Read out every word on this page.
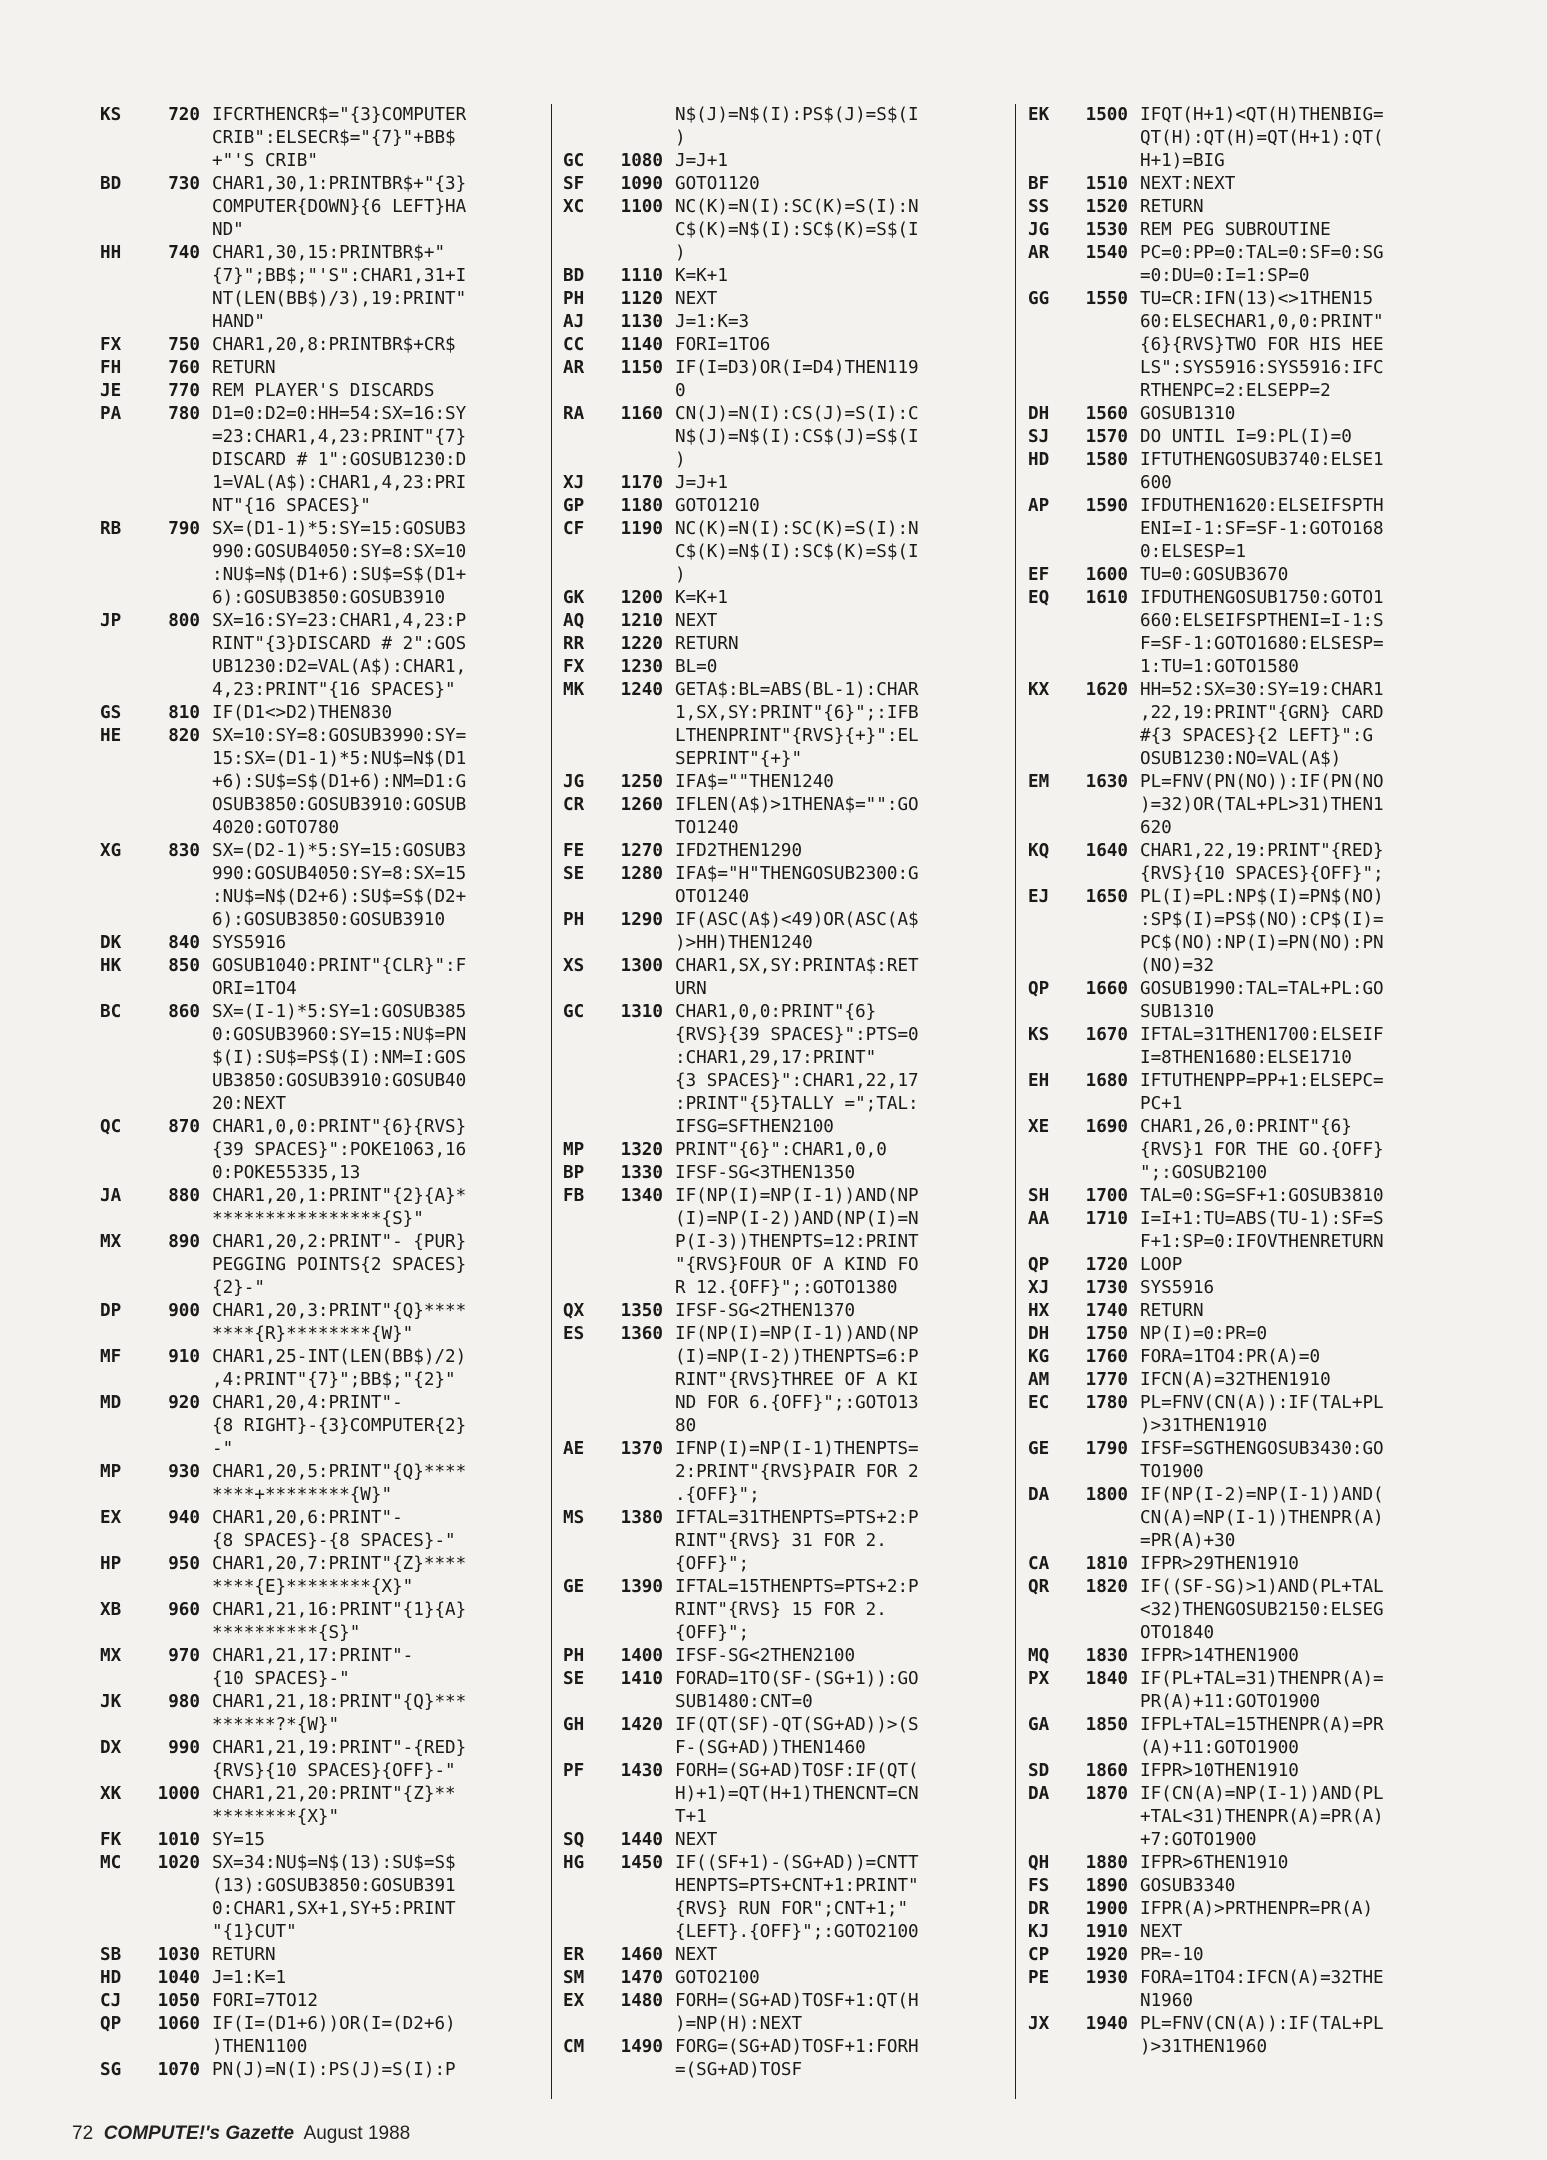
KS	720 IFCRTHENCR$="{3}COMPUTER
CRIB":ELSECR$="{7}"+BB$
+"'S CRIB"
BD	730 CHAR1,30,1:PRINTBR$+"{3}
COMPUTER{DOWN}{6 LEFT}HA
ND"
HH	740 CHAR1,30,15:PRINTBR$+"
{7}";BB$;"'S":CHAR1,31+I
NT(LEN(BB$)/3),19:PRINT"
HAND"
FX	750 CHAR1,20,8:PRINTBR$+CR$
FH	760 RETURN
JE	770 REM PLAYER'S DISCARDS
PA	780 D1=0:D2=0:HH=54:SX=16:SY
=23:CHAR1,4,23:PRINT"{7}
DISCARD # 1":GOSUB1230:D
1=VAL(A$):CHAR1,4,23:PRI
NT"{16 SPACES}"
RB	790 SX=(D1-1)*5:SY=15:GOSUB3
990:GOSUB4050:SY=8:SX=10
:NU$=N$(D1+6):SU$=S$(D1+
6):GOSUB3850:GOSUB3910
JP	800 SX=16:SY=23:CHAR1,4,23:P
RINT"{3}DISCARD # 2":GOS
UB1230:D2=VAL(A$):CHAR1,
4,23:PRINT"{16 SPACES}"
GS	810 IF(D1<>D2)THEN830
HE	820 SX=10:SY=8:GOSUB3990:SY=
15:SX=(D1-1)*5:NU$=N$(D1
+6):SU$=S$(D1+6):NM=D1:G
OSUB3850:GOSUB3910:GOSUB
4020:GOTO780
XG	830 SX=(D2-1)*5:SY=15:GOSUB3
990:GOSUB4050:SY=8:SX=15
:NU$=N$(D2+6):SU$=S$(D2+
6):GOSUB3850:GOSUB3910
DK	840 SYS5916
HK	850 GOSUB1040:PRINT"{CLR}":F
ORI=1TO4
BC	860 SX=(I-1)*5:SY=1:GOSUB385
0:GOSUB3960:SY=15:NU$=PN
$(I):SU$=PS$(I):NM=I:GOS
UB3850:GOSUB3910:GOSUB40
20:NEXT
QC	870 CHAR1,0,0:PRINT"{6}{RVS}
{39 SPACES}":POKE1063,16
0:POKE55335,13
JA	880 CHAR1,20,1:PRINT"{2}{A}*
****************{S}"
MX	890 CHAR1,20,2:PRINT"- {PUR}
PEGGING POINTS{2 SPACES}
{2}-"
DP	900 CHAR1,20,3:PRINT"{Q}****
****{R}********{W}"
MF	910 CHAR1,25-INT(LEN(BB$)/2)
,4:PRINT"{7}";BB$;"{2}"
MD	920 CHAR1,20,4:PRINT"-
{8 RIGHT}-{3}COMPUTER{2}
-"
MP	930 CHAR1,20,5:PRINT"{Q}****
****+********{W}"
EX	940 CHAR1,20,6:PRINT"-
{8 SPACES}-{8 SPACES}-"
HP	950 CHAR1,20,7:PRINT"{Z}****
****{E}********{X}"
XB	960 CHAR1,21,16:PRINT"{1}{A}
**********{S}"
MX	970 CHAR1,21,17:PRINT"-
{10 SPACES}-"
JK	980 CHAR1,21,18:PRINT"{Q}***
******?*{W}"
DX	990 CHAR1,21,19:PRINT"-{RED}
{RVS}{10 SPACES}{OFF}-"
XK	1000 CHAR1,21,20:PRINT"{Z}**
********{X}"
FK	1010 SY=15
MC	1020 SX=34:NU$=N$(13):SU$=S$
(13):GOSUB3850:GOSUB391
0:CHAR1,SX+1,SY+5:PRINT
"{1}CUT"
SB	1030 RETURN
HD	1040 J=1:K=1
CJ	1050 FORI=7TO12
QP	1060 IF(I=(D1+6))OR(I=(D2+6)
)THEN1100
SG	1070 PN(J)=N(I):PS(J)=S(I):P
N$(J)=N$(I):PS$(J)=S$(I
)
GC	1080 J=J+1
SF	1090 GOTO1120
XC	1100 NC(K)=N(I):SC(K)=S(I):N
C$(K)=N$(I):SC$(K)=S$(I
)
BD	1110 K=K+1
PH	1120 NEXT
AJ	1130 J=1:K=3
CC	1140 FORI=1TO6
AR	1150 IF(I=D3)OR(I=D4)THEN119
0
RA	1160 CN(J)=N(I):CS(J)=S(I):C
N$(J)=N$(I):CS$(J)=S$(I
)
XJ	1170 J=J+1
GP	1180 GOTO1210
CF	1190 NC(K)=N(I):SC(K)=S(I):N
C$(K)=N$(I):SC$(K)=S$(I
)
GK	1200 K=K+1
AQ	1210 NEXT
RR	1220 RETURN
FX	1230 BL=0
MK	1240 GETA$:BL=ABS(BL-1):CHAR
1,SX,SY:PRINT"{6}";:IFB
LTHENPRINT"{RVS}{+}":EL
SEPRINT"{+}"
JG	1250 IFA$=""THEN1240
CR	1260 IFLEN(A$)>1THENA$="":GO
TO1240
FE	1270 IFD2THEN1290
SE	1280 IFA$="H"THENGOSUB2300:G
OTO1240
PH	1290 IF(ASC(A$)<49)OR(ASC(A$
)>HH)THEN1240
XS	1300 CHAR1,SX,SY:PRINTA$:RET
URN
GC	1310 CHAR1,0,0:PRINT"{6}
{RVS}{39 SPACES}":PTS=0
:CHAR1,29,17:PRINT"
{3 SPACES}":CHAR1,22,17
:PRINT"{5}TALLY =";TAL:
IFSG=SFTHEN2100
MP	1320 PRINT"{6}":CHAR1,0,0
BP	1330 IFSF-SG<3THEN1350
FB	1340 IF(NP(I)=NP(I-1))AND(NP
(I)=NP(I-2))AND(NP(I)=N
P(I-3))THENPTS=12:PRINT
"{RVS}FOUR OF A KIND FO
R 12.{OFF}";:GOTO1380
QX	1350 IFSF-SG<2THEN1370
ES	1360 IF(NP(I)=NP(I-1))AND(NP
(I)=NP(I-2))THENPTS=6:P
RINT"{RVS}THREE OF A KI
ND FOR 6.{OFF}";:GOTO13
80
AE	1370 IFNP(I)=NP(I-1)THENPTS=
2:PRINT"{RVS}PAIR FOR 2
.{OFF}";
MS	1380 IFTAL=31THENPTS=PTS+2:P
RINT"{RVS} 31 FOR 2.
{OFF}";
GE	1390 IFTAL=15THENPTS=PTS+2:P
RINT"{RVS} 15 FOR 2.
{OFF}";
PH	1400 IFSF-SG<2THEN2100
SE	1410 FORAD=1TO(SF-(SG+1)):GO
SUB1480:CNT=0
GH	1420 IF(QT(SF)-QT(SG+AD))>(S
F-(SG+AD))THEN1460
PF	1430 FORH=(SG+AD)TOSF:IF(QT(
H)+1)=QT(H+1)THENCNT=CN
T+1
SQ	1440 NEXT
HG	1450 IF((SF+1)-(SG+AD))=CNTT
HENPTS=PTS+CNT+1:PRINT"
{RVS} RUN FOR";CNT+1;"
{LEFT}.{OFF}";:GOTO2100
ER	1460 NEXT
SM	1470 GOTO2100
EX	1480 FORH=(SG+AD)TOSF+1:QT(H
)=NP(H):NEXT
CM	1490 FORG=(SG+AD)TOSF+1:FORH
=(SG+AD)TOSF
EK	1500 IFQT(H+1)<QT(H)THENBIG=
QT(H):QT(H)=QT(H+1):QT(
H+1)=BIG
BF	1510 NEXT:NEXT
SS	1520 RETURN
JG	1530 REM PEG SUBROUTINE
AR	1540 PC=0:PP=0:TAL=0:SF=0:SG
=0:DU=0:I=1:SP=0
GG	1550 TU=CR:IFN(13)<>1THEN15
60:ELSECHAR1,0,0:PRINT"
{6}{RVS}TWO FOR HIS HEE
LS":SYS5916:SYS5916:IFC
RTHENPC=2:ELSEPP=2
DH	1560 GOSUB1310
SJ	1570 DO UNTIL I=9:PL(I)=0
HD	1580 IFTUTHENGOSUB3740:ELSE1
600
AP	1590 IFDUTHEN1620:ELSEIFSPTH
ENI=I-1:SF=SF-1:GOTO168
0:ELSESP=1
EF	1600 TU=0:GOSUB3670
EQ	1610 IFDUTHENGOSUB1750:GOTO1
660:ELSEIFSPTHENI=I-1:S
F=SF-1:GOTO1680:ELSESP=
1:TU=1:GOTO1580
KX	1620 HH=52:SX=30:SY=19:CHAR1
,22,19:PRINT"{GRN} CARD
#{3 SPACES}{2 LEFT}":G
OSUB1230:NO=VAL(A$)
EM	1630 PL=FNV(PN(NO)):IF(PN(NO
)=32)OR(TAL+PL>31)THEN1
620
KQ	1640 CHAR1,22,19:PRINT"{RED}
{RVS}{10 SPACES}{OFF}";
EJ	1650 PL(I)=PL:NP$(I)=PN$(NO)
:SP$(I)=PS$(NO):CP$(I)=
PC$(NO):NP(I)=PN(NO):PN
(NO)=32
QP	1660 GOSUB1990:TAL=TAL+PL:GO
SUB1310
KS	1670 IFTAL=31THEN1700:ELSEIF
I=8THEN1680:ELSE1710
EH	1680 IFTUTHENPP=PP+1:ELSEPC=
PC+1
XE	1690 CHAR1,26,0:PRINT"{6}
{RVS}1 FOR THE GO.{OFF}
";:GOSUB2100
SH	1700 TAL=0:SG=SF+1:GOSUB3810
AA	1710 I=I+1:TU=ABS(TU-1):SF=S
F+1:SP=0:IFOVTHENRETURN
QP	1720 LOOP
XJ	1730 SYS5916
HX	1740 RETURN
DH	1750 NP(I)=0:PR=0
KG	1760 FORA=1TO4:PR(A)=0
AM	1770 IFCN(A)=32THEN1910
EC	1780 PL=FNV(CN(A)):IF(TAL+PL
)>31THEN1910
GE	1790 IFSF=SGTHENGOSUB3430:GO
TO1900
DA	1800 IF(NP(I-2)=NP(I-1))AND(
CN(A)=NP(I-1))THENPR(A)
=PR(A)+30
CA	1810 IFPR>29THEN1910
QR	1820 IF((SF-SG)>1)AND(PL+TAL
<32)THENGOSUB2150:ELSEG
OTO1840
MQ	1830 IFPR>14THEN1900
PX	1840 IF(PL+TAL=31)THENPR(A)=
PR(A)+11:GOTO1900
GA	1850 IFPL+TAL=15THENPR(A)=PR
(A)+11:GOTO1900
SD	1860 IFPR>10THEN1910
DA	1870 IF(CN(A)=NP(I-1))AND(PL
+TAL<31)THENPR(A)=PR(A)
+7:GOTO1900
QH	1880 IFPR>6THEN1910
FS	1890 GOSUB3340
DR	1900 IFPR(A)>PRTHENPR=PR(A)
KJ	1910 NEXT
CP	1920 PR=-10
PE	1930 FORA=1TO4:IFCN(A)=32THE
N1960
JX	1940 PL=FNV(CN(A)):IF(TAL+PL
)>31THEN1960
72 COMPUTE!'s Gazette August 1988
